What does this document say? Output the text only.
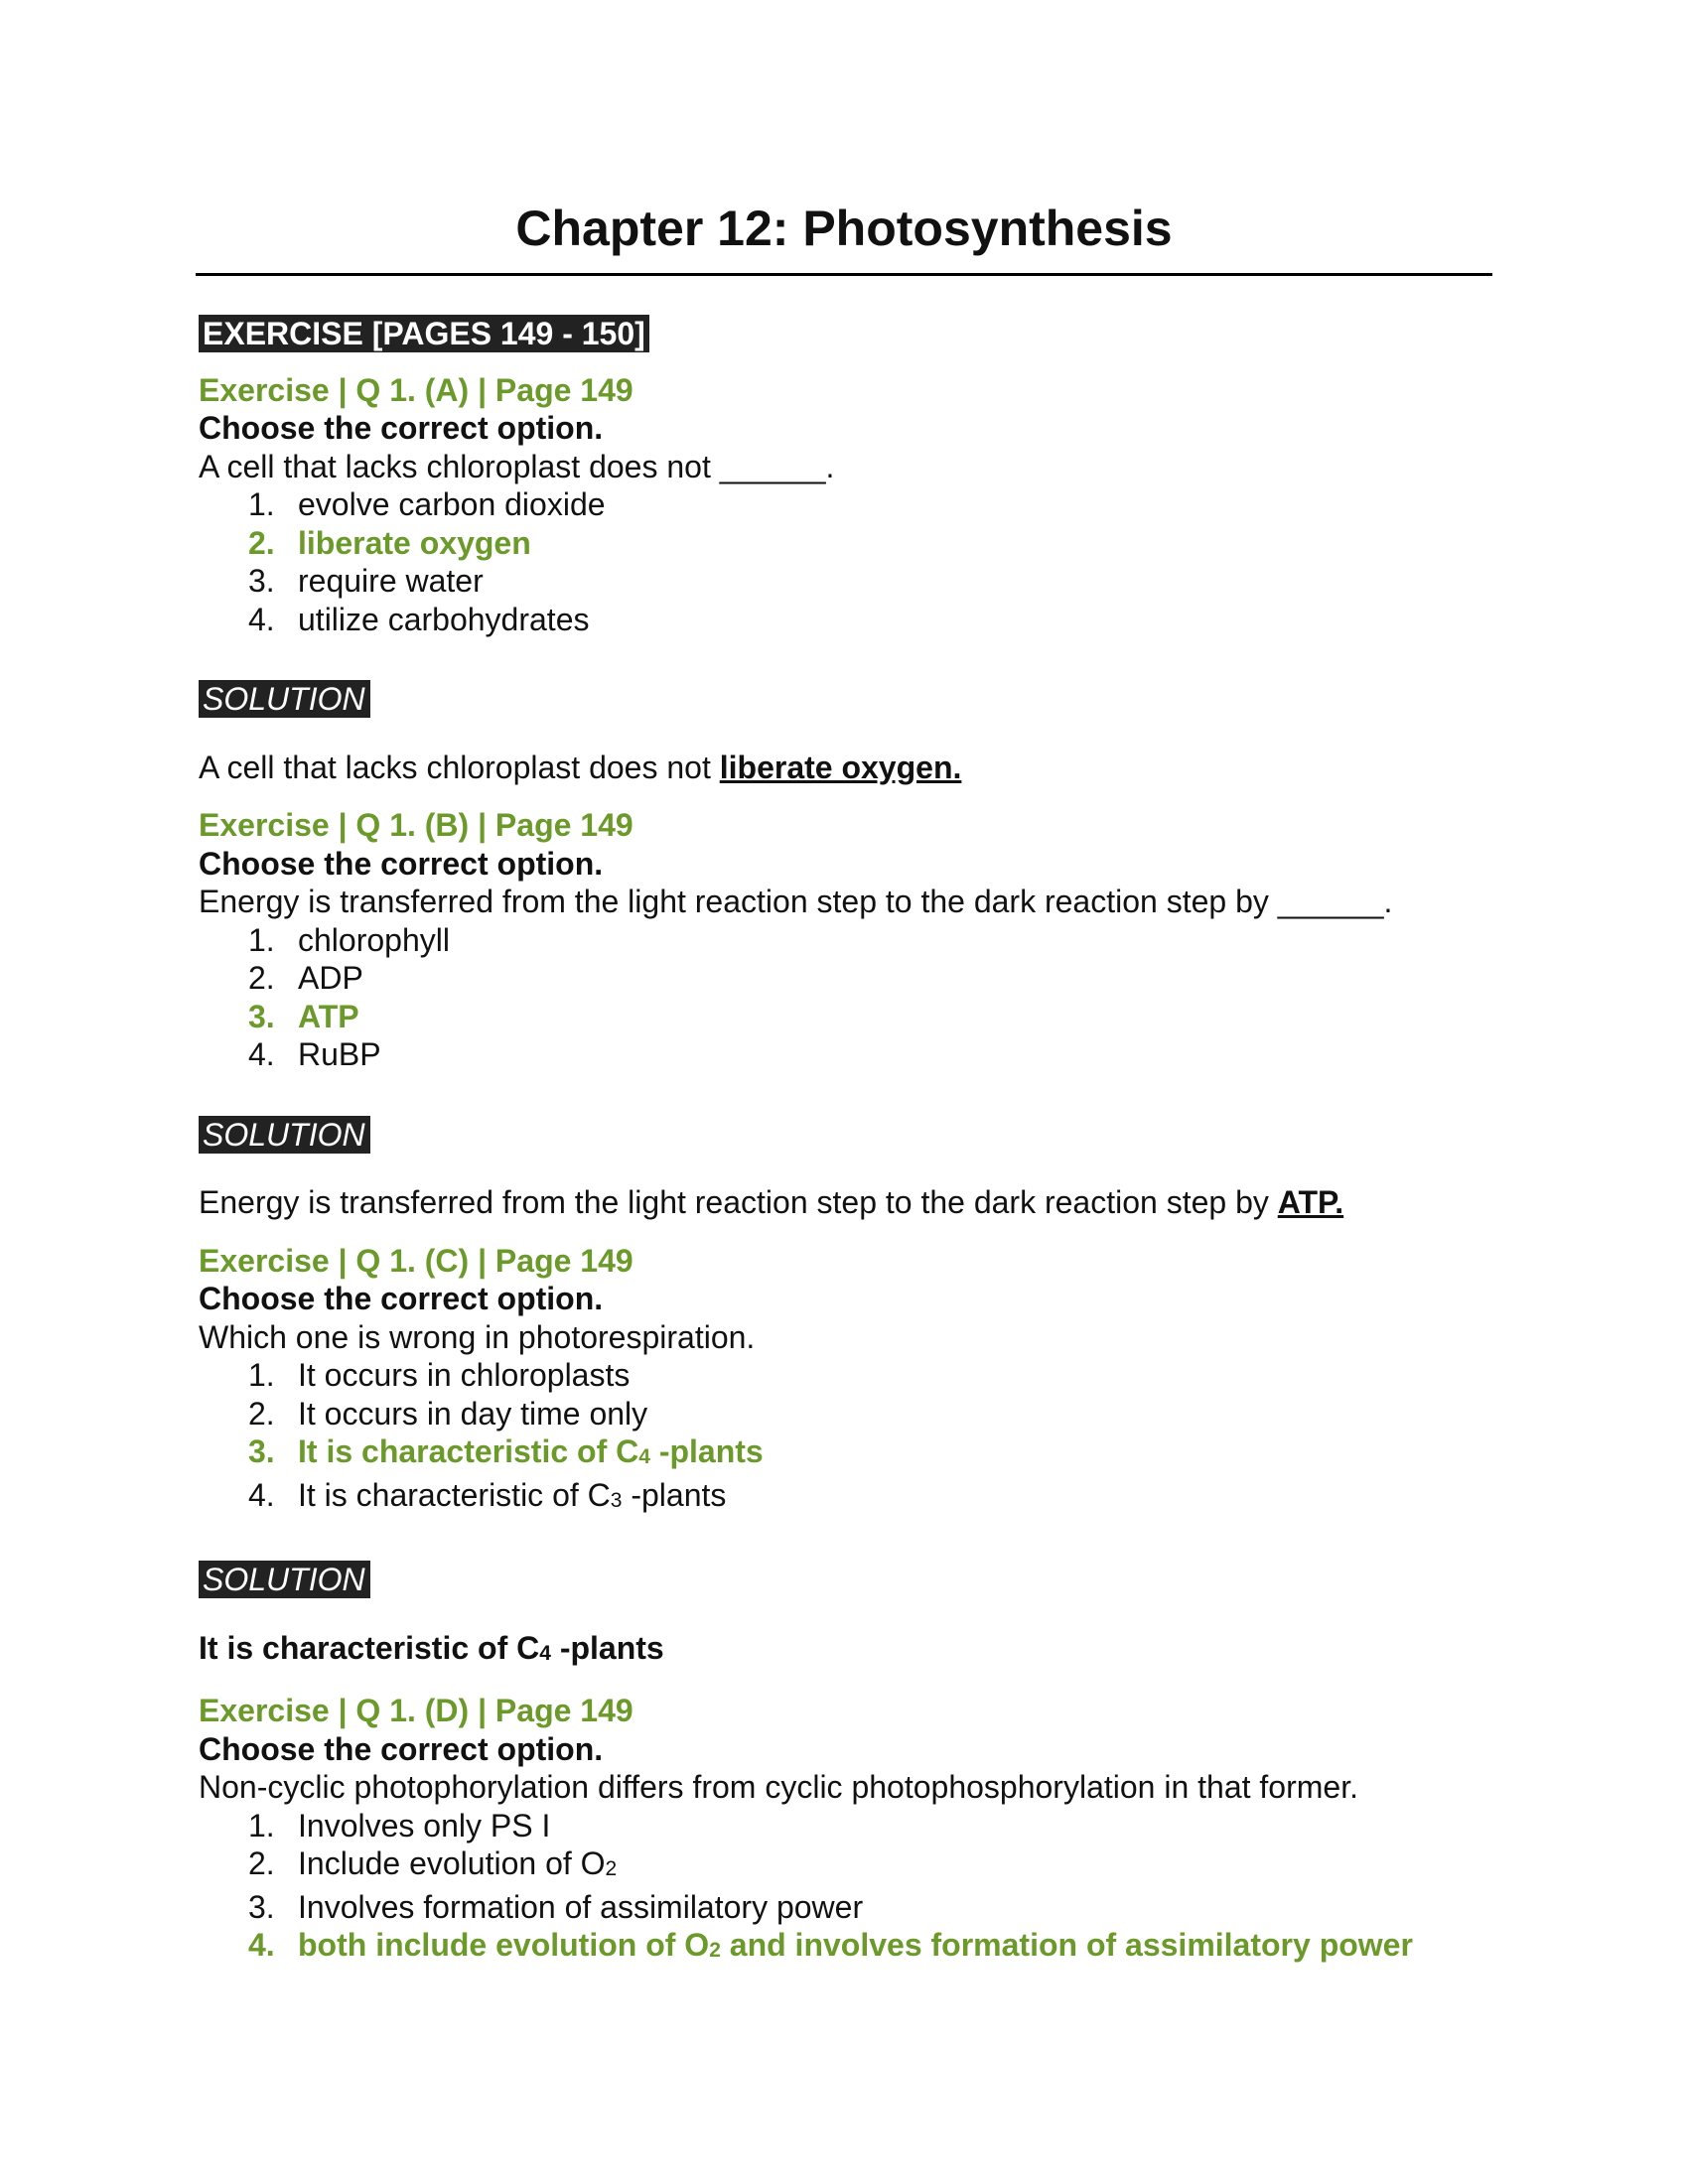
Chapter 12: Photosynthesis
EXERCISE [PAGES 149 - 150]
Exercise | Q 1. (A) | Page 149
Choose the correct option.
A cell that lacks chloroplast does not ______.
1. evolve carbon dioxide
2. liberate oxygen
3. require water
4. utilize carbohydrates
SOLUTION
A cell that lacks chloroplast does not liberate oxygen.
Exercise | Q 1. (B) | Page 149
Choose the correct option.
Energy is transferred from the light reaction step to the dark reaction step by ______.
1. chlorophyll
2. ADP
3. ATP
4. RuBP
SOLUTION
Energy is transferred from the light reaction step to the dark reaction step by ATP.
Exercise | Q 1. (C) | Page 149
Choose the correct option.
Which one is wrong in photorespiration.
1. It occurs in chloroplasts
2. It occurs in day time only
3. It is characteristic of $C_4$ -plants
4. It is characteristic of $C_3$ -plants
SOLUTION
It is characteristic of $C_4$ -plants
Exercise | Q 1. (D) | Page 149
Choose the correct option.
Non-cyclic photophorylation differs from cyclic photophosphorylation in that former.
1. Involves only PS I
2. Include evolution of $O_2$
3. Involves formation of assimilatory power
4. both include evolution of $O_2$ and involves formation of assimilatory power
